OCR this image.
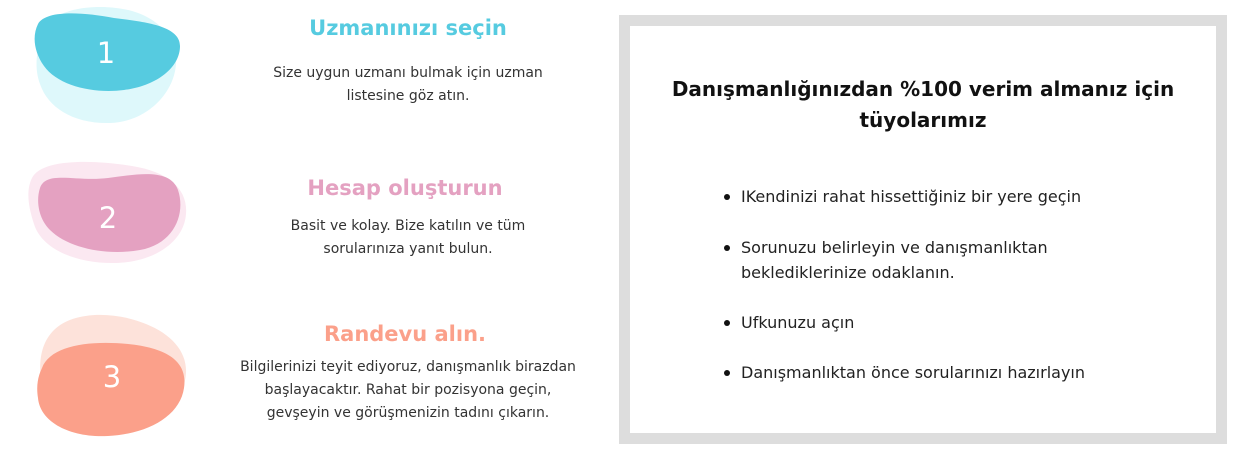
1
Uzmanınızı seçin
Size uygun uzmanı bulmak için uzman listesine göz atın.
2
Hesap oluşturun
Basit ve kolay. Bize katılın ve tüm sorularınıza yanıt bulun.
3
Randevu alın.
Bilgilerinizi teyit ediyoruz, danışmanlık birazdan başlayacaktır. Rahat bir pozisyona geçin, gevşeyin ve görüşmenizin tadını çıkarın.
Danışmanlığınızdan %100 verim almanız için tüyolarımız
IKendinizi rahat hissettiğiniz bir yere geçin
Sorunuzu belirleyin ve danışmanlıktan beklediklerinize odaklanın.
Ufkunuzu açın
Danışmanlıktan önce sorularınızı hazırlayın
